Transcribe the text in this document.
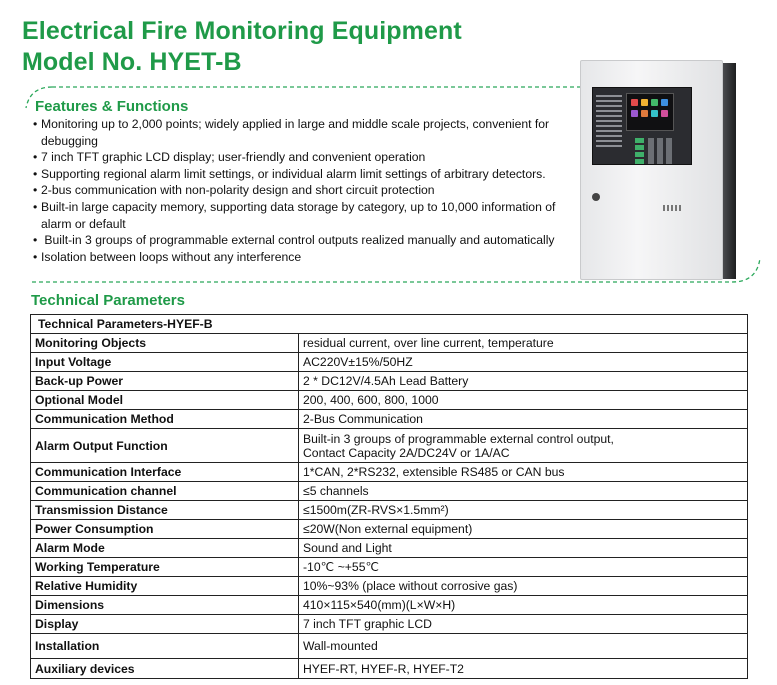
Electrical Fire Monitoring Equipment
Model No. HYET-B
Features & Functions
• Monitoring up to 2,000 points; widely applied in large and middle scale projects, convenient for debugging
• 7 inch TFT graphic LCD display; user-friendly and convenient operation
• Supporting regional alarm limit settings, or individual alarm limit settings of arbitrary detectors.
• 2-bus communication with non-polarity design and short circuit protection
• Built-in large capacity memory, supporting data storage by category, up to 10,000 information of alarm or default
• Built-in 3 groups of programmable external control outputs realized manually and automatically
• Isolation between loops without any interference
Technical Parameters
Technical Parameters-HYEF-B	
Monitoring Objects	residual current, over line current, temperature
Input Voltage	AC220V±15%/50HZ
Back-up Power	2 * DC12V/4.5Ah Lead Battery
Optional Model	200, 400, 600, 800, 1000
Communication Method	2-Bus Communication
Alarm Output Function	Built-in 3 groups of programmable external control output,
Contact Capacity 2A/DC24V or 1A/AC

Communication Interface	1*CAN, 2*RS232, extensible RS485 or CAN bus
Communication channel	≤5 channels
Transmission Distance	≤1500m(ZR-RVS×1.5mm²)
Power Consumption	≤20W(Non external equipment)
Alarm Mode	Sound and Light
Working Temperature	-10℃ ~+55℃
Relative Humidity	10%~93% (place without corrosive gas)
Dimensions	410×115×540(mm)(L×W×H)
Display	7 inch TFT graphic LCD
Installation	Wall-mounted
Auxiliary devices	HYEF-RT, HYEF-R, HYEF-T2
